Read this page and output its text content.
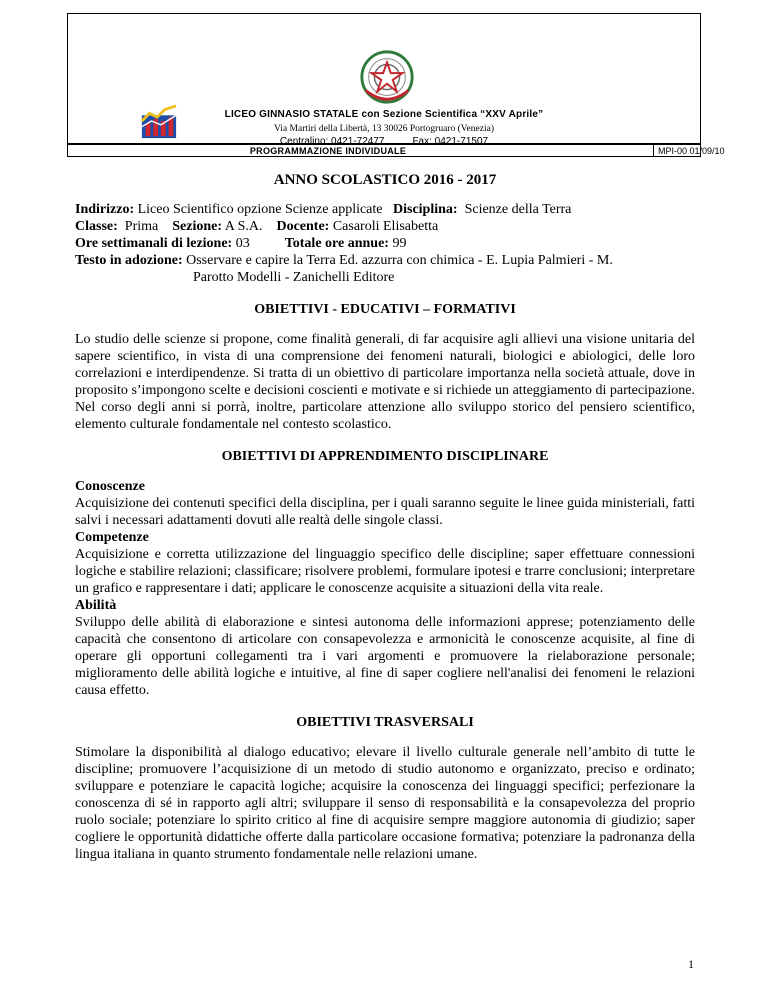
LICEO GINNASIO STATALE con Sezione Scientifica “XXV Aprile”
Via Martiri della Libertà, 13 30026 Portogruaro (Venezia)
Centralino: 0421-72477	Fax: 0421-71507
PROGRAMMAZIONE INDIVIDUALE	MPI-00 01/09/10
ANNO SCOLASTICO 2016 - 2017

Indirizzo: Liceo Scientifico opzione Scienze applicate Disciplina: Scienze della Terra

Classe: Prima Sezione: A S.A. Docente: Casaroli Elisabetta

Ore settimanali di lezione: 03	Totale ore annue: 99

Testo in adozione: Osservare e capire la Terra Ed. azzurra con chimica - E. Lupia Palmieri - M.

Parotto Modelli - Zanichelli Editore

OBIETTIVI - EDUCATIVI – FORMATIVI

Lo studio delle scienze si propone, come finalità generali, di far acquisire agli allievi una visione unitaria del sapere scientifico, in vista di una comprensione dei fenomeni naturali, biologici e abiologici, delle loro correlazioni e interdipendenze. Si tratta di un obiettivo di particolare importanza nella società attuale, dove in proposito s’impongono scelte e decisioni coscienti e motivate e si richiede un atteggiamento di partecipazione. Nel corso degli anni si porrà, inoltre, particolare attenzione allo sviluppo storico del pensiero scientifico, elemento culturale fondamentale nel contesto scolastico.

OBIETTIVI DI APPRENDIMENTO DISCIPLINARE

Conoscenze

Acquisizione dei contenuti specifici della disciplina, per i quali saranno seguite le linee guida ministeriali, fatti salvi i necessari adattamenti dovuti alle realtà delle singole classi.

Competenze

Acquisizione e corretta utilizzazione del linguaggio specifico delle discipline; saper effettuare connessioni logiche e stabilire relazioni; classificare; risolvere problemi, formulare ipotesi e trarre conclusioni; interpretare un grafico e rappresentare i dati; applicare le conoscenze acquisite a situazioni della vita reale.

Abilità

Sviluppo delle abilità di elaborazione e sintesi autonoma delle informazioni apprese; potenziamento delle capacità che consentono di articolare con consapevolezza e armonicità le conoscenze acquisite, al fine di operare gli opportuni collegamenti tra i vari argomenti e promuovere la rielaborazione personale; miglioramento delle abilità logiche e intuitive, al fine di saper cogliere nell'analisi dei fenomeni le relazioni causa effetto.

OBIETTIVI TRASVERSALI

Stimolare la disponibilità al dialogo educativo; elevare il livello culturale generale nell’ambito di tutte le discipline; promuovere l’acquisizione di un metodo di studio autonomo e organizzato, preciso e ordinato; sviluppare e potenziare le capacità logiche; acquisire la conoscenza dei linguaggi specifici; perfezionare la conoscenza di sé in rapporto agli altri; sviluppare il senso di responsabilità e la consapevolezza del proprio ruolo sociale; potenziare lo spirito critico al fine di acquisire sempre maggiore autonomia di giudizio; saper cogliere le opportunità didattiche offerte dalla particolare occasione formativa; potenziare la padronanza della lingua italiana in quanto strumento fondamentale nelle relazioni umane.

1
